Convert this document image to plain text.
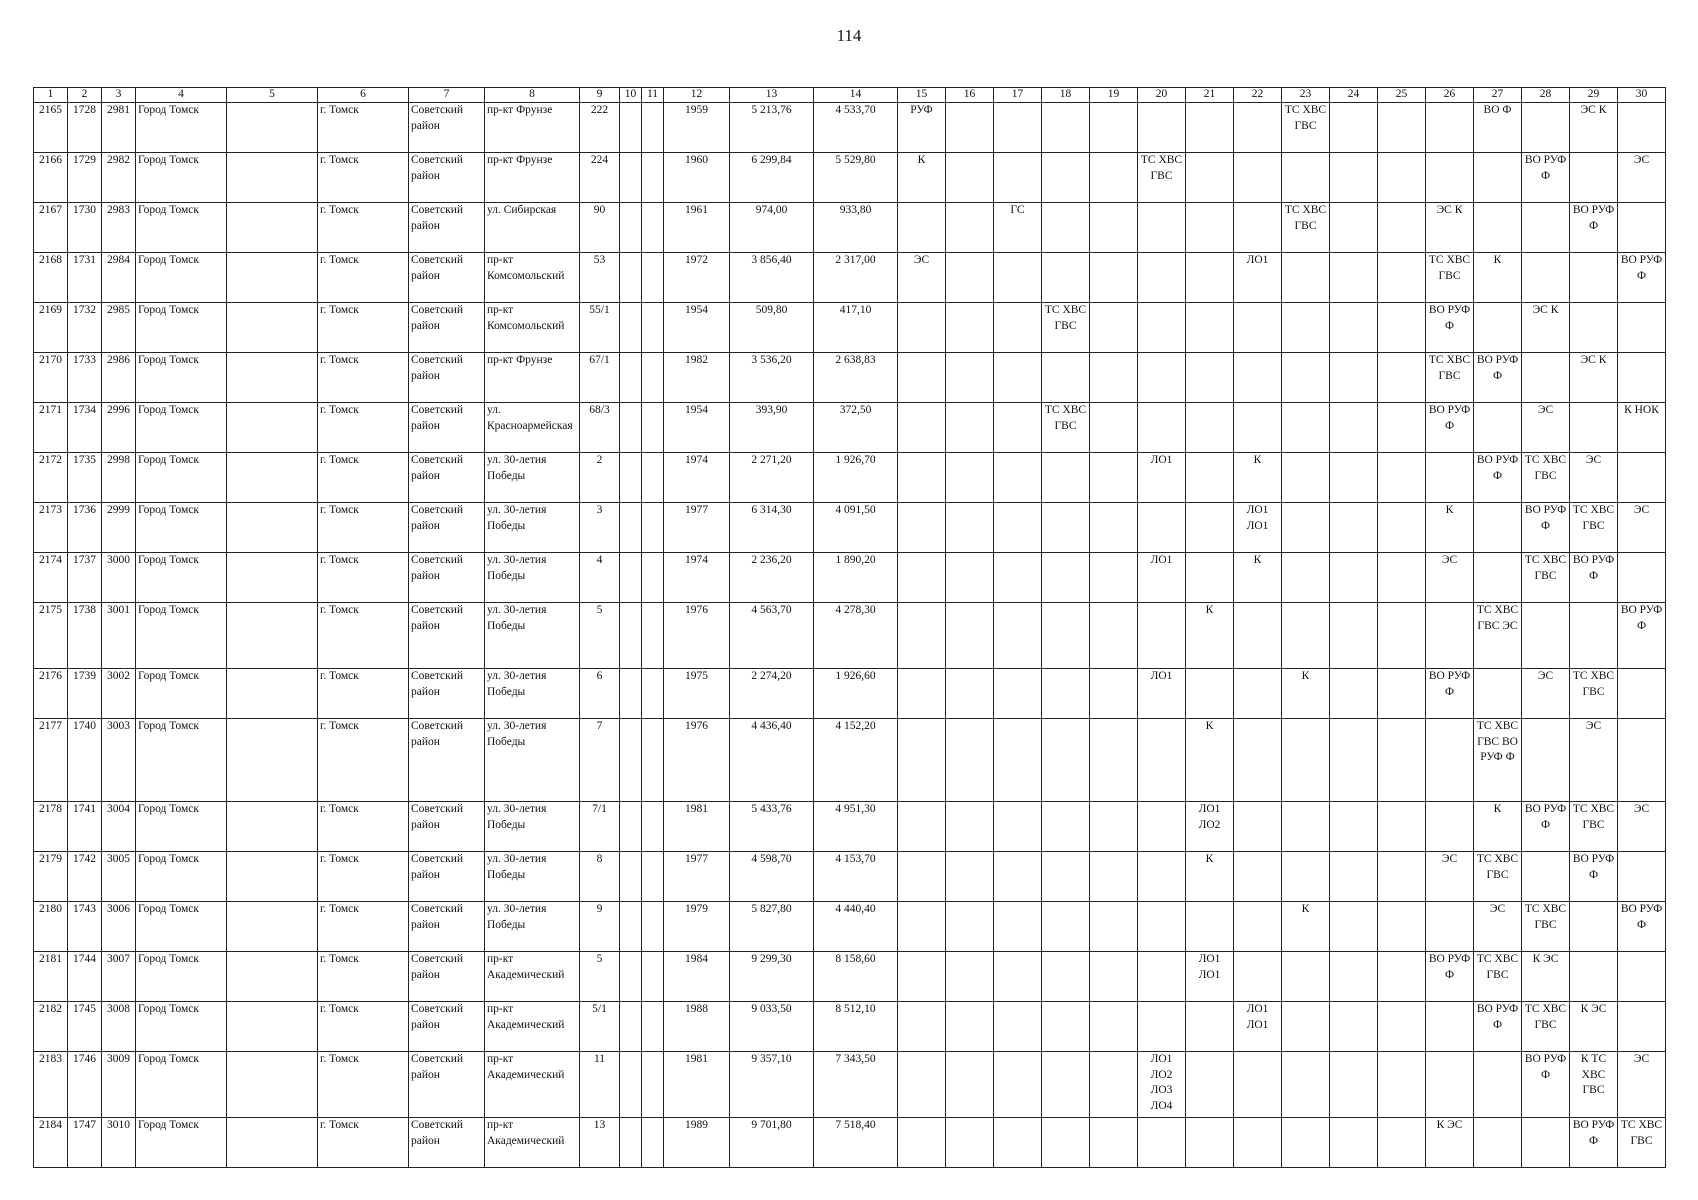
114
1	2	3	4	5	6	7	8	9	10	11	12	13	14	15	16	17	18	19	20	21	22	23	24	25	26	27	28	29	30
2165	1728	2981	Город Томск		г. Томск	Советский район	пр-кт Фрунзе	222			1959	5 213,76	4 533,70	РУФ								ТС ХВС ГВС				ВО Ф		ЭС К	
2166	1729	2982	Город Томск		г. Томск	Советский район	пр-кт Фрунзе	224			1960	6 299,84	5 529,80	К					ТС ХВС ГВС								ВО РУФ Ф		ЭС
2167	1730	2983	Город Томск		г. Томск	Советский район	ул. Сибирская	90			1961	974,00	933,80			ГС						ТС ХВС ГВС			ЭС К			ВО РУФ Ф	
2168	1731	2984	Город Томск		г. Томск	Советский район	пр-кт Комсомольский	53			1972	3 856,40	2 317,00	ЭС							ЛО1				ТС ХВС ГВС	К			ВО РУФ Ф
2169	1732	2985	Город Томск		г. Томск	Советский район	пр-кт Комсомольский	55/1			1954	509,80	417,10				ТС ХВС ГВС								ВО РУФ Ф		ЭС К		
2170	1733	2986	Город Томск		г. Томск	Советский район	пр-кт Фрунзе	67/1			1982	3 536,20	2 638,83												ТС ХВС ГВС	ВО РУФ Ф		ЭС К	
2171	1734	2996	Город Томск		г. Томск	Советский район	ул. Красноармейская	68/3			1954	393,90	372,50				ТС ХВС ГВС								ВО РУФ Ф		ЭС		К НОК
2172	1735	2998	Город Томск		г. Томск	Советский район	ул. 30-летия Победы	2			1974	2 271,20	1 926,70						ЛО1		К					ВО РУФ Ф	ТС ХВС ГВС	ЭС	
2173	1736	2999	Город Томск		г. Томск	Советский район	ул. 30-летия Победы	3			1977	6 314,30	4 091,50								ЛО1 ЛО1				К		ВО РУФ Ф	ТС ХВС ГВС	ЭС
2174	1737	3000	Город Томск		г. Томск	Советский район	ул. 30-летия Победы	4			1974	2 236,20	1 890,20						ЛО1		К				ЭС		ТС ХВС ГВС	ВО РУФ Ф	
2175	1738	3001	Город Томск		г. Томск	Советский район	ул. 30-летия Победы	5			1976	4 563,70	4 278,30							К						ТС ХВС ГВС ЭС			ВО РУФ Ф
2176	1739	3002	Город Томск		г. Томск	Советский район	ул. 30-летия Победы	6			1975	2 274,20	1 926,60						ЛО1			К			ВО РУФ Ф		ЭС	ТС ХВС ГВС	
2177	1740	3003	Город Томск		г. Томск	Советский район	ул. 30-летия Победы	7			1976	4 436,40	4 152,20							К						ТС ХВС ГВС ВО РУФ Ф		ЭС	
2178	1741	3004	Город Томск		г. Томск	Советский район	ул. 30-летия Победы	7/1			1981	5 433,76	4 951,30							ЛО1 ЛО2						К	ВО РУФ Ф	ТС ХВС ГВС	ЭС
2179	1742	3005	Город Томск		г. Томск	Советский район	ул. 30-летия Победы	8			1977	4 598,70	4 153,70							К					ЭС	ТС ХВС ГВС		ВО РУФ Ф	
2180	1743	3006	Город Томск		г. Томск	Советский район	ул. 30-летия Победы	9			1979	5 827,80	4 440,40									К				ЭС	ТС ХВС ГВС		ВО РУФ Ф
2181	1744	3007	Город Томск		г. Томск	Советский район	пр-кт Академический	5			1984	9 299,30	8 158,60							ЛО1 ЛО1					ВО РУФ Ф	ТС ХВС ГВС	К ЭС		
2182	1745	3008	Город Томск		г. Томск	Советский район	пр-кт Академический	5/1			1988	9 033,50	8 512,10								ЛО1 ЛО1					ВО РУФ Ф	ТС ХВС ГВС	К ЭС	
2183	1746	3009	Город Томск		г. Томск	Советский район	пр-кт Академический	11			1981	9 357,10	7 343,50						ЛО1 ЛО2 ЛО3 ЛО4								ВО РУФ Ф	К ТС ХВС ГВС	ЭС
2184	1747	3010	Город Томск		г. Томск	Советский район	пр-кт Академический	13			1989	9 701,80	7 518,40												К ЭС			ВО РУФ Ф	ТС ХВС ГВС
